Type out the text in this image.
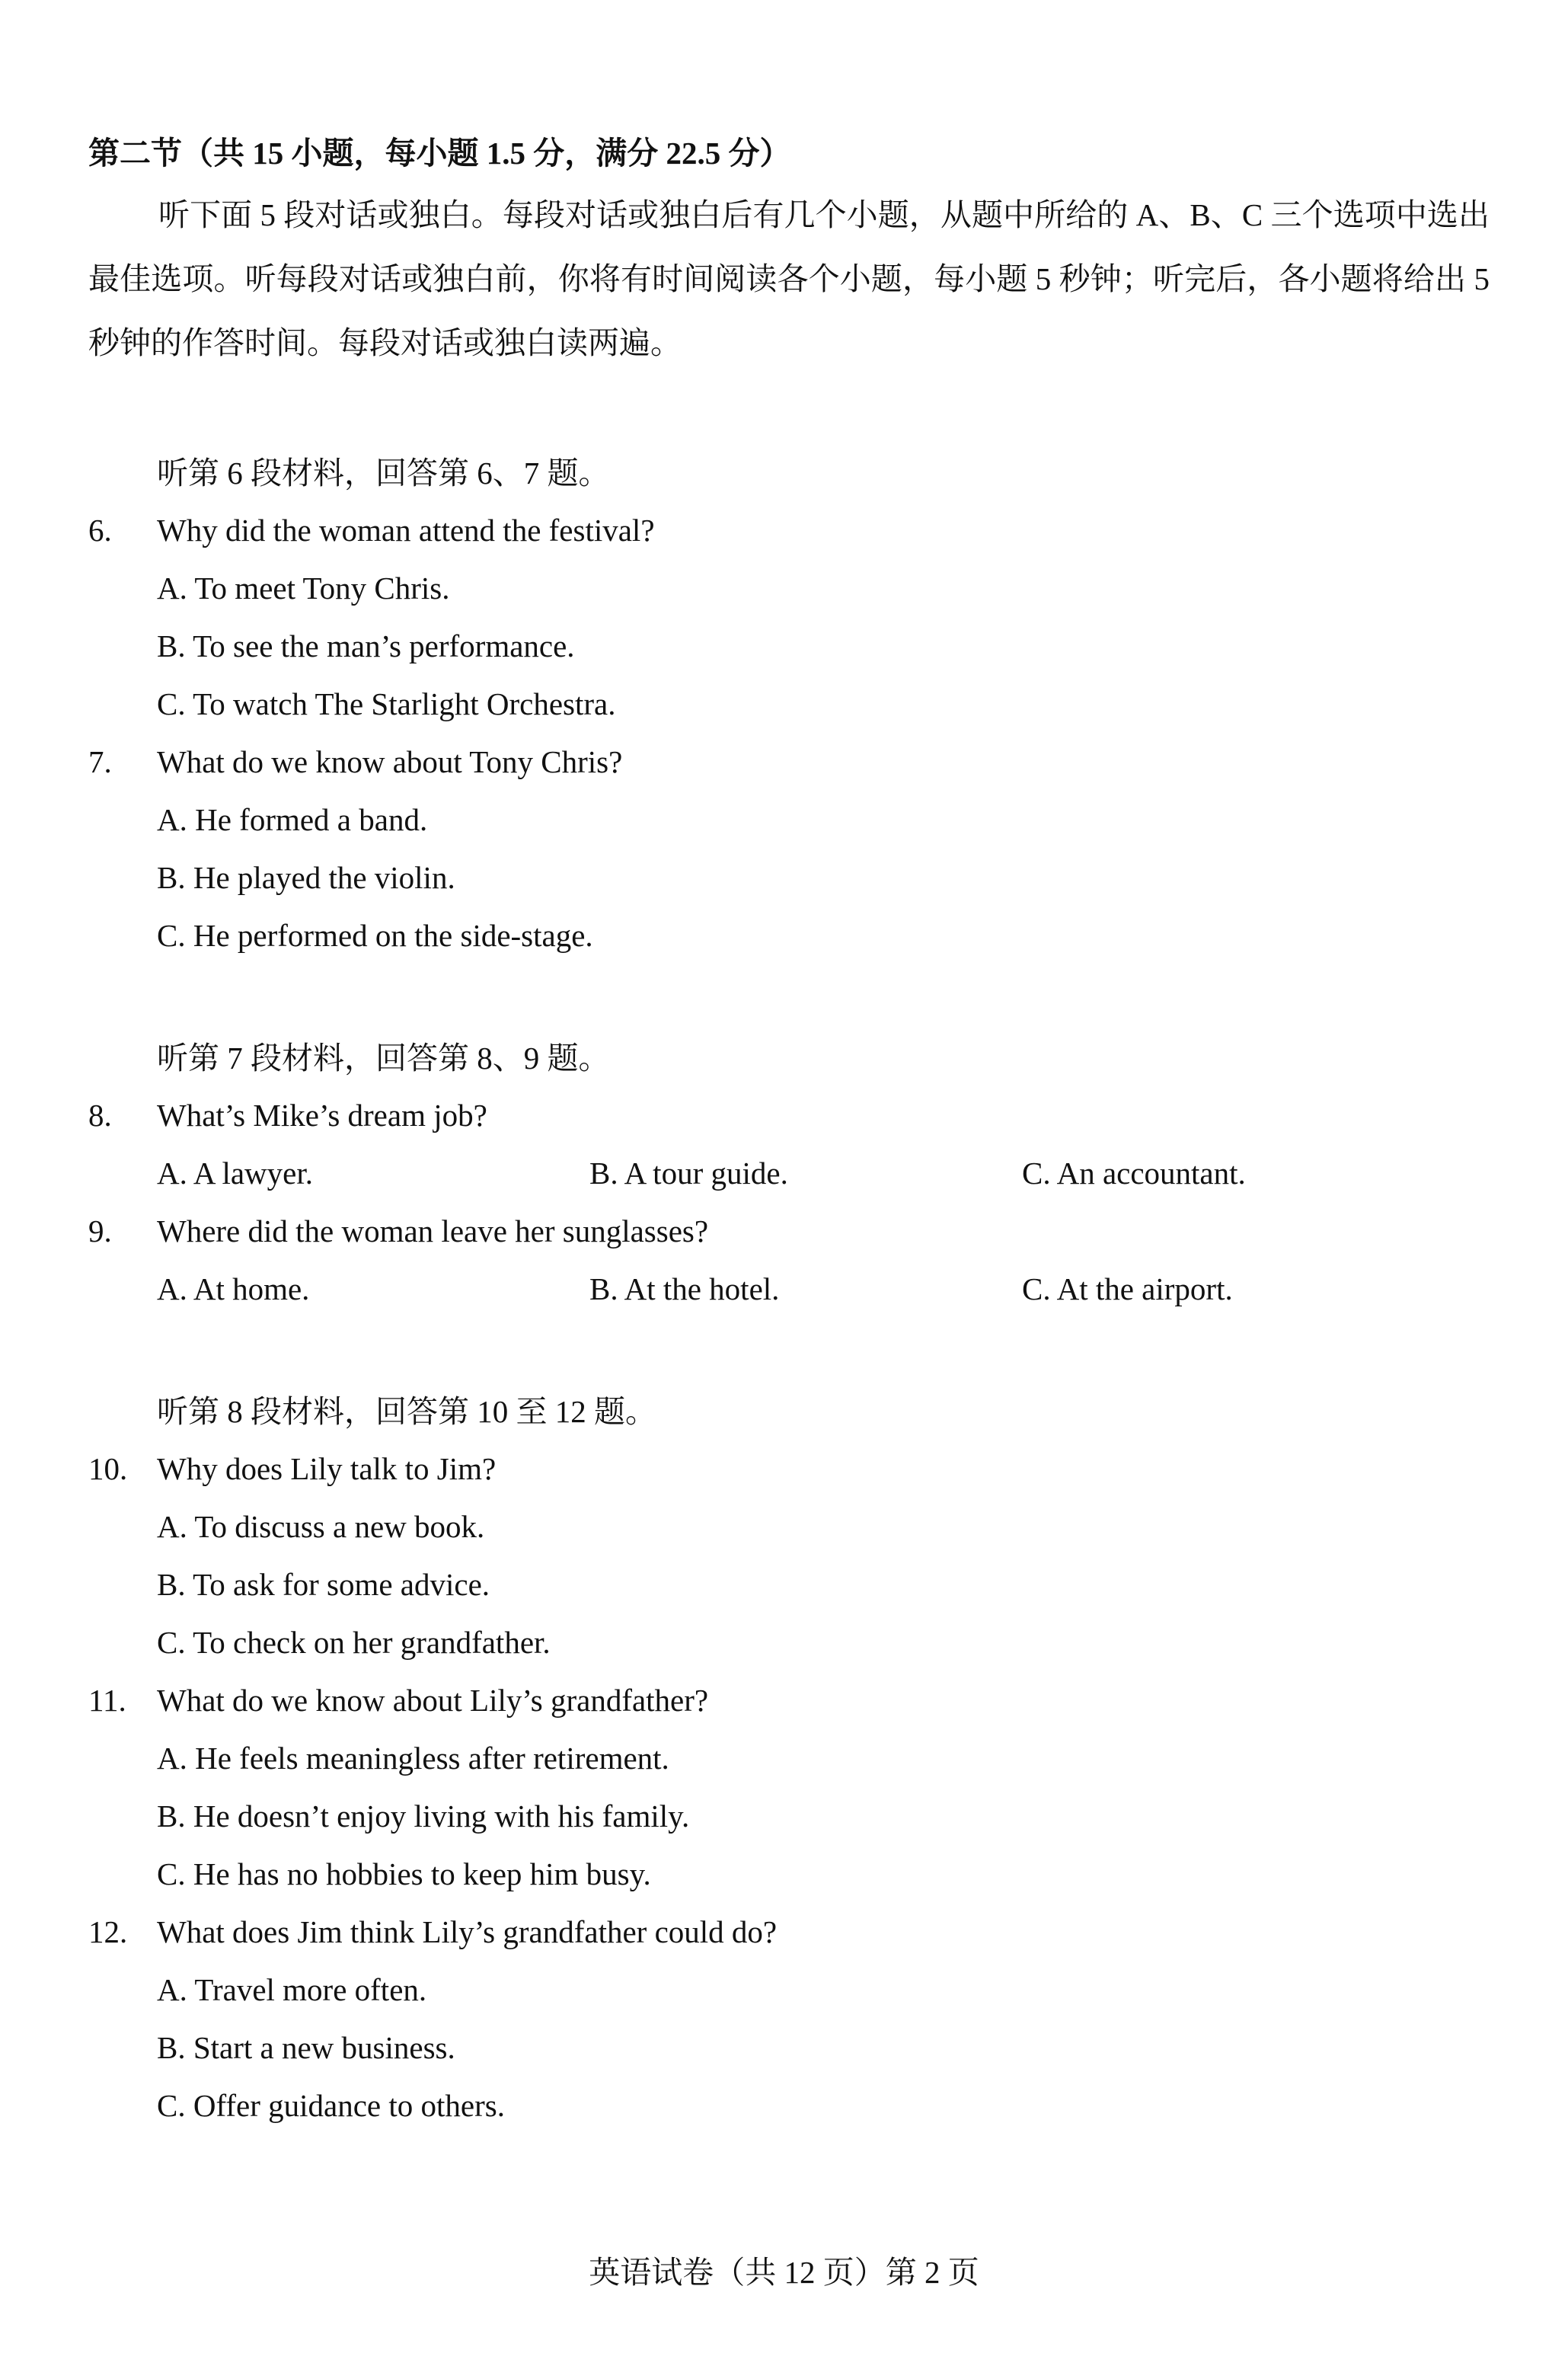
第二节（共 15 小题，每小题 1.5 分，满分 22.5 分）
听下面 5 段对话或独白。每段对话或独白后有几个小题，从题中所给的 A、B、C 三个选项中选出最佳选项。听每段对话或独白前，你将有时间阅读各个小题，每小题 5 秒钟；听完后，各小题将给出 5 秒钟的作答时间。每段对话或独白读两遍。
听第 6 段材料，回答第 6、7 题。
6. Why did the woman attend the festival?
A. To meet Tony Chris.
B. To see the man’s performance.
C. To watch The Starlight Orchestra.
7. What do we know about Tony Chris?
A. He formed a band.
B. He played the violin.
C. He performed on the side-stage.
听第 7 段材料，回答第 8、9 题。
8. What’s Mike’s dream job?
A. A lawyer.	B. A tour guide.	C. An accountant.
9. Where did the woman leave her sunglasses?
A. At home.	B. At the hotel.	C. At the airport.
听第 8 段材料，回答第 10 至 12 题。
10. Why does Lily talk to Jim?
A. To discuss a new book.
B. To ask for some advice.
C. To check on her grandfather.
11. What do we know about Lily’s grandfather?
A. He feels meaningless after retirement.
B. He doesn’t enjoy living with his family.
C. He has no hobbies to keep him busy.
12. What does Jim think Lily’s grandfather could do?
A. Travel more often.
B. Start a new business.
C. Offer guidance to others.
英语试卷（共 12 页）第 2 页
